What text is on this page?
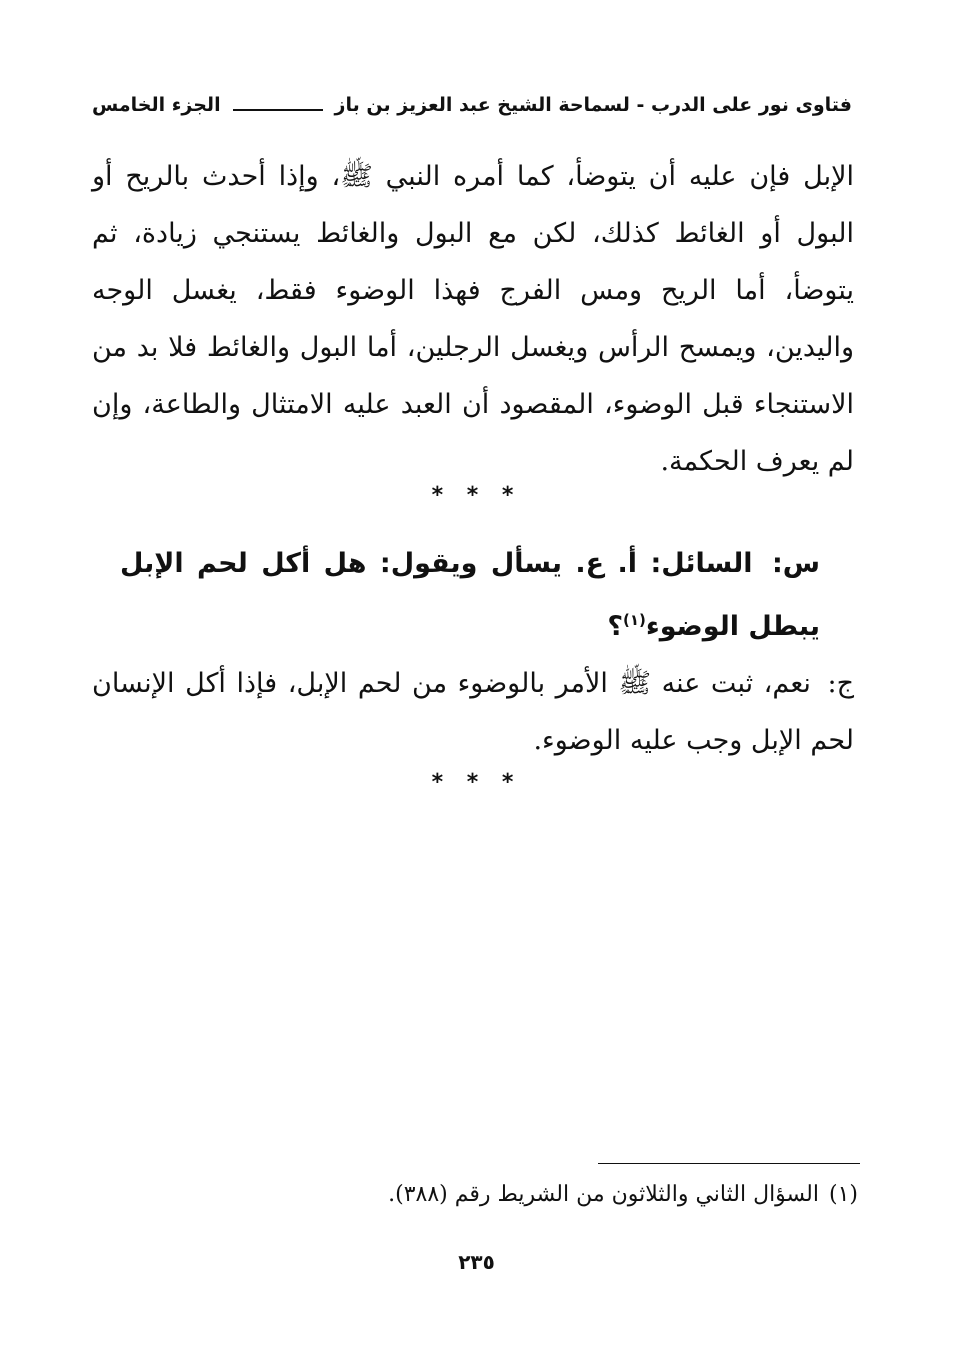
فتاوى نور على الدرب - لسماحة الشيخ عبد العزيز بن باز
الجزء الخامس

الإبل فإن عليه أن يتوضأ، كما أمره النبي ﷺ، وإذا أحدث بالريح أو البول أو الغائط كذلك، لكن مع البول والغائط يستنجي زيادة، ثم يتوضأ، أما الريح ومس الفرج فهذا الوضوء فقط، يغسل الوجه واليدين، ويمسح الرأس ويغسل الرجلين، أما البول والغائط فلا بد من الاستنجاء قبل الوضوء، المقصود أن العبد عليه الامتثال والطاعة، وإن لم يعرف الحكمة.

* * *

س: السائل: أ. ع. يسأل ويقول: هل أكل لحم الإبل يبطل الوضوء$^{(١)}$؟

ج: نعم، ثبت عنه ﷺ الأمر بالوضوء من لحم الإبل، فإذا أكل الإنسان لحم الإبل وجب عليه الوضوء.

* * *

(١)السؤال الثاني والثلاثون من الشريط رقم (٣٨٨).

٢٣٥
